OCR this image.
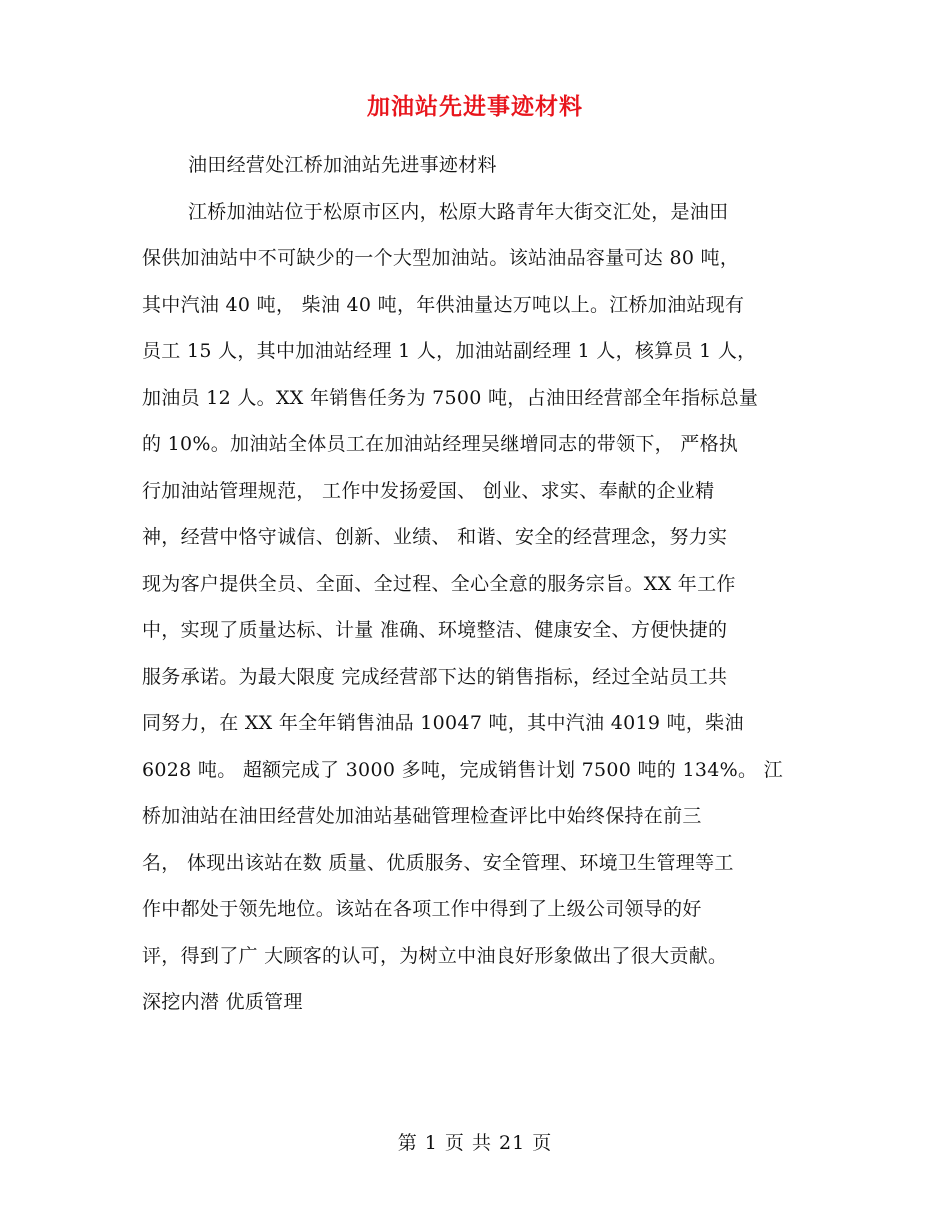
加油站先进事迹材料
油田经营处江桥加油站先进事迹材料
江桥加油站位于松原市区内，松原大路青年大街交汇处，是油田
保供加油站中不可缺少的一个大型加油站。该站油品容量可达 80 吨，
其中汽油 40 吨， 柴油 40 吨，年供油量达万吨以上。江桥加油站现有
员工 15 人，其中加油站经理 1 人，加油站副经理 1 人，核算员 1 人，
加油员 12 人。XX 年销售任务为 7500 吨，占油田经营部全年指标总量
的 10%。加油站全体员工在加油站经理吴继增同志的带领下， 严格执
行加油站管理规范， 工作中发扬爱国、 创业、求实、奉献的企业精
神，经营中恪守诚信、创新、业绩、 和谐、安全的经营理念，努力实
现为客户提供全员、全面、全过程、全心全意的服务宗旨。XX 年工作
中，实现了质量达标、计量 准确、环境整洁、健康安全、方便快捷的
服务承诺。为最大限度 完成经营部下达的销售指标，经过全站员工共
同努力，在 XX 年全年销售油品 10047 吨，其中汽油 4019 吨，柴油
6028 吨。 超额完成了 3000 多吨，完成销售计划 7500 吨的 134%。 江
桥加油站在油田经营处加油站基础管理检查评比中始终保持在前三
名， 体现出该站在数 质量、优质服务、安全管理、环境卫生管理等工
作中都处于领先地位。该站在各项工作中得到了上级公司领导的好
评，得到了广 大顾客的认可，为树立中油良好形象做出了很大贡献。
深挖内潜 优质管理
第 1 页 共 21 页
